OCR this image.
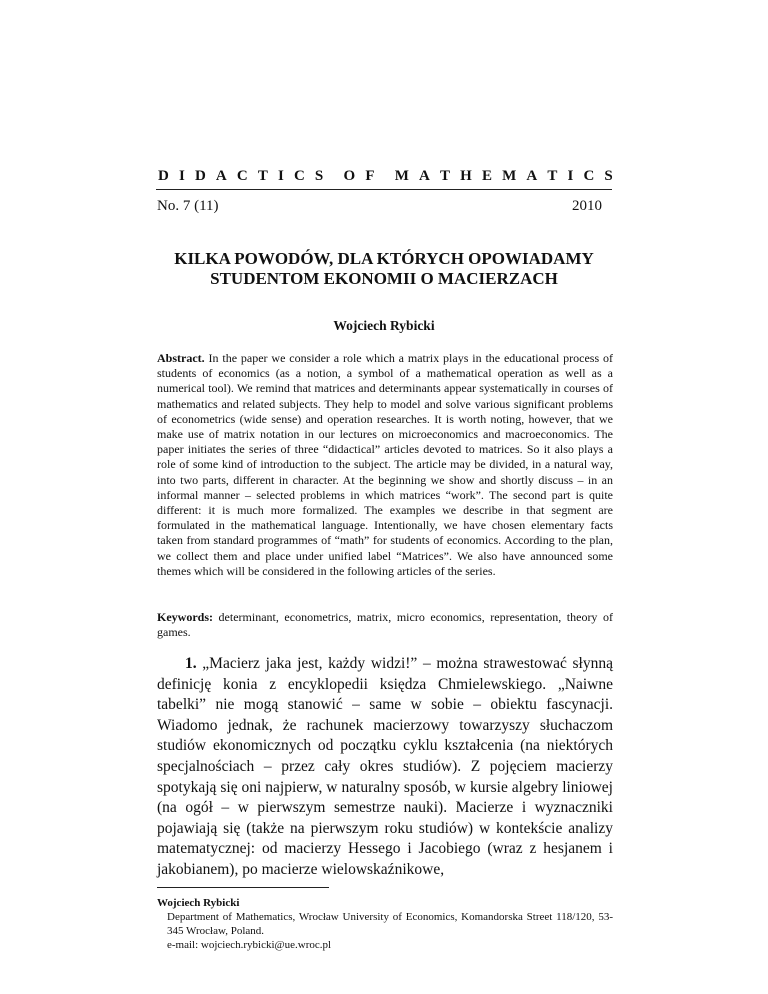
D I D A C T I C S O F M A T H E M A T I C S
No. 7 (11)	2010
KILKA POWODÓW, DLA KTÓRYCH OPOWIADAMY
STUDENTOM EKONOMII O MACIERZACH
Wojciech Rybicki
Abstract. In the paper we consider a role which a matrix plays in the educational process of students of economics (as a notion, a symbol of a mathematical operation as well as a numerical tool). We remind that matrices and determinants appear systematically in courses of mathematics and related subjects. They help to model and solve various significant problems of econometrics (wide sense) and operation researches. It is worth noting, however, that we make use of matrix notation in our lectures on microeconomics and macroeconomics. The paper initiates the series of three “didactical” articles devoted to matrices. So it also plays a role of some kind of introduction to the subject. The article may be divided, in a natural way, into two parts, different in character. At the beginning we show and shortly discuss – in an informal manner – selected problems in which matrices “work”. The second part is quite different: it is much more formalized. The examples we describe in that segment are formulated in the mathematical language. Intentionally, we have chosen elementary facts taken from standard programmes of “math” for students of economics. According to the plan, we collect them and place under unified label “Matrices”. We also have announced some themes which will be considered in the following articles of the series.
Keywords: determinant, econometrics, matrix, micro economics, representation, theory of games.
1. „Macierz jaka jest, każdy widzi!” – można strawestować słynną definicję konia z encyklopedii księdza Chmielewskiego. „Naiwne tabelki” nie mogą stanowić – same w sobie – obiektu fascynacji. Wiadomo jednak, że rachunek macierzowy towarzyszy słuchaczom studiów ekonomicznych od początku cyklu kształcenia (na niektórych specjalnościach – przez cały okres studiów). Z pojęciem macierzy spotykają się oni najpierw, w naturalny sposób, w kursie algebry liniowej (na ogół – w pierwszym semestrze nauki). Macierze i wyznaczniki pojawiają się (także na pierwszym roku studiów) w kontekście analizy matematycznej: od macierzy Hessego i Jacobiego (wraz z hesjanem i jakobianem), po macierze wielowskaźnikowe,
Wojciech Rybicki
Department of Mathematics, Wrocław University of Economics, Komandorska Street 118/120, 53-345 Wrocław, Poland.
e-mail: wojciech.rybicki@ue.wroc.pl
